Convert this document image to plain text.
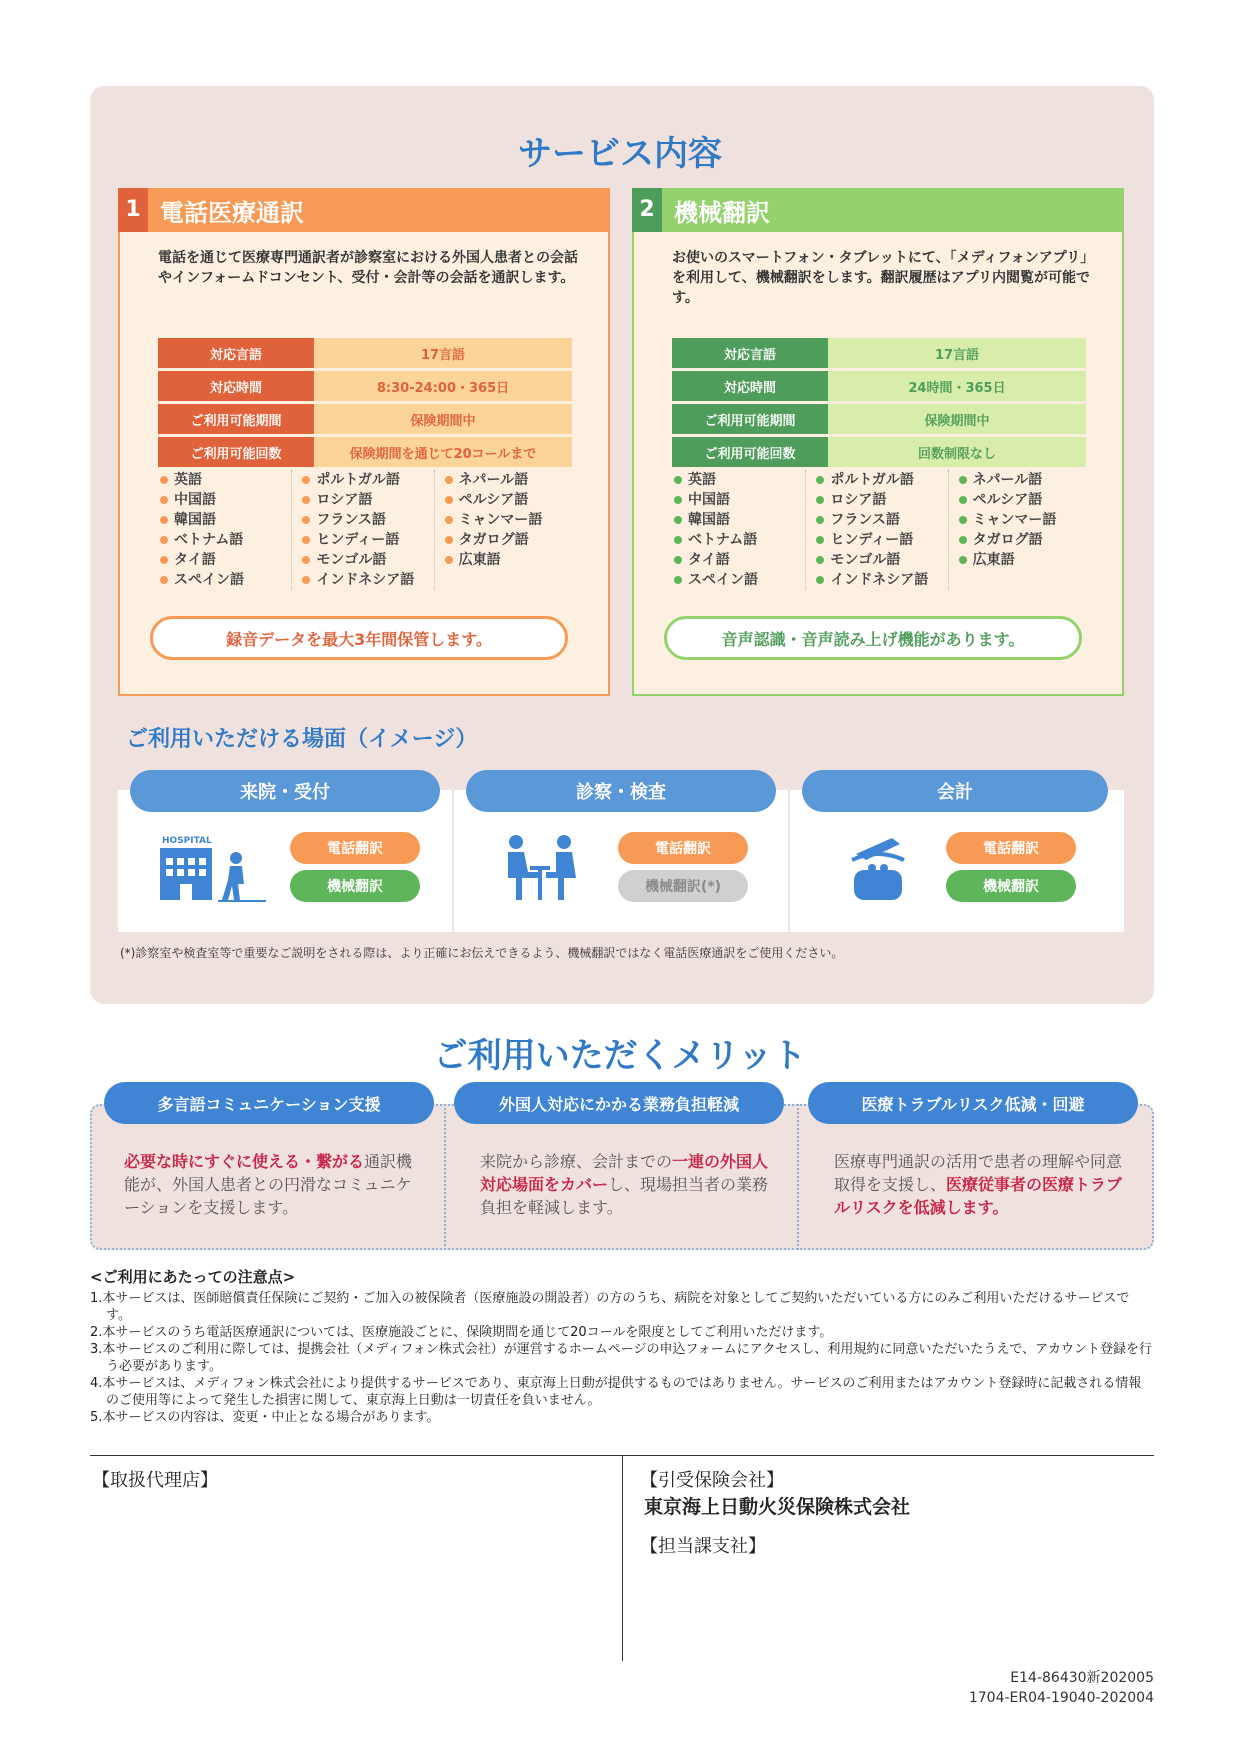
サービス内容
1 電話医療通訳
電話を通じて医療専門通訳者が診察室における外国人患者との会話やインフォームドコンセント、受付・会計等の会話を通訳します。
対応言語	17言語
対応時間	8:30-24:00・365日
ご利用可能期間	保険期間中
ご利用可能回数	保険期間を通じて20コールまで
英語
中国語
韓国語
ベトナム語
タイ語
スペイン語
ポルトガル語
ロシア語
フランス語
ヒンディー語
モンゴル語
インドネシア語
ネパール語
ペルシア語
ミャンマー語
タガログ語
広東語
録音データを最大3年間保管します。
2 機械翻訳
お使いのスマートフォン・タブレットにて、「メディフォンアプリ」を利用して、機械翻訳をします。翻訳履歴はアプリ内閲覧が可能です。
対応言語	17言語
対応時間	24時間・365日
ご利用可能期間	保険期間中
ご利用可能回数	回数制限なし
英語
中国語
韓国語
ベトナム語
タイ語
スペイン語
ポルトガル語
ロシア語
フランス語
ヒンディー語
モンゴル語
インドネシア語
ネパール語
ペルシア語
ミャンマー語
タガログ語
広東語
音声認識・音声読み上げ機能があります。
ご利用いただける場面（イメージ）
来院・受付	診察・検査	会計
HOSPITAL	電話翻訳
機械翻訳
電話翻訳
機械翻訳(*)
電話翻訳
機械翻訳
(*)診察室や検査室等で重要なご説明をされる際は、より正確にお伝えできるよう、機械翻訳ではなく電話医療通訳をご使用ください。
ご利用いただくメリット
多言語コミュニケーション支援	外国人対応にかかる業務負担軽減	医療トラブルリスク低減・回避
必要な時にすぐに使える・繋がる通訳機能が、外国人患者との円滑なコミュニケーションを支援します。
来院から診療、会計までの一連の外国人対応場面をカバーし、現場担当者の業務負担を軽減します。
医療専門通訳の活用で患者の理解や同意取得を支援し、医療従事者の医療トラブルリスクを低減します。
<ご利用にあたっての注意点>
1.本サービスは、医師賠償責任保険にご契約・ご加入の被保険者（医療施設の開設者）の方のうち、病院を対象としてご契約いただいている方にのみご利用いただけるサービスです。
2.本サービスのうち電話医療通訳については、医療施設ごとに、保険期間を通じて20コールを限度としてご利用いただけます。
3.本サービスのご利用に際しては、提携会社（メディフォン株式会社）が運営するホームページの申込フォームにアクセスし、利用規約に同意いただいたうえで、アカウント登録を行う必要があります。
4.本サービスは、メディフォン株式会社により提供するサービスであり、東京海上日動が提供するものではありません。サービスのご利用またはアカウント登録時に記載される情報のご使用等によって発生した損害に関して、東京海上日動は一切責任を負いません。
5.本サービスの内容は、変更・中止となる場合があります。
【取扱代理店】	【引受保険会社】
東京海上日動火災保険株式会社
【担当課支社】
E14-86430新202005
1704-ER04-19040-202004
